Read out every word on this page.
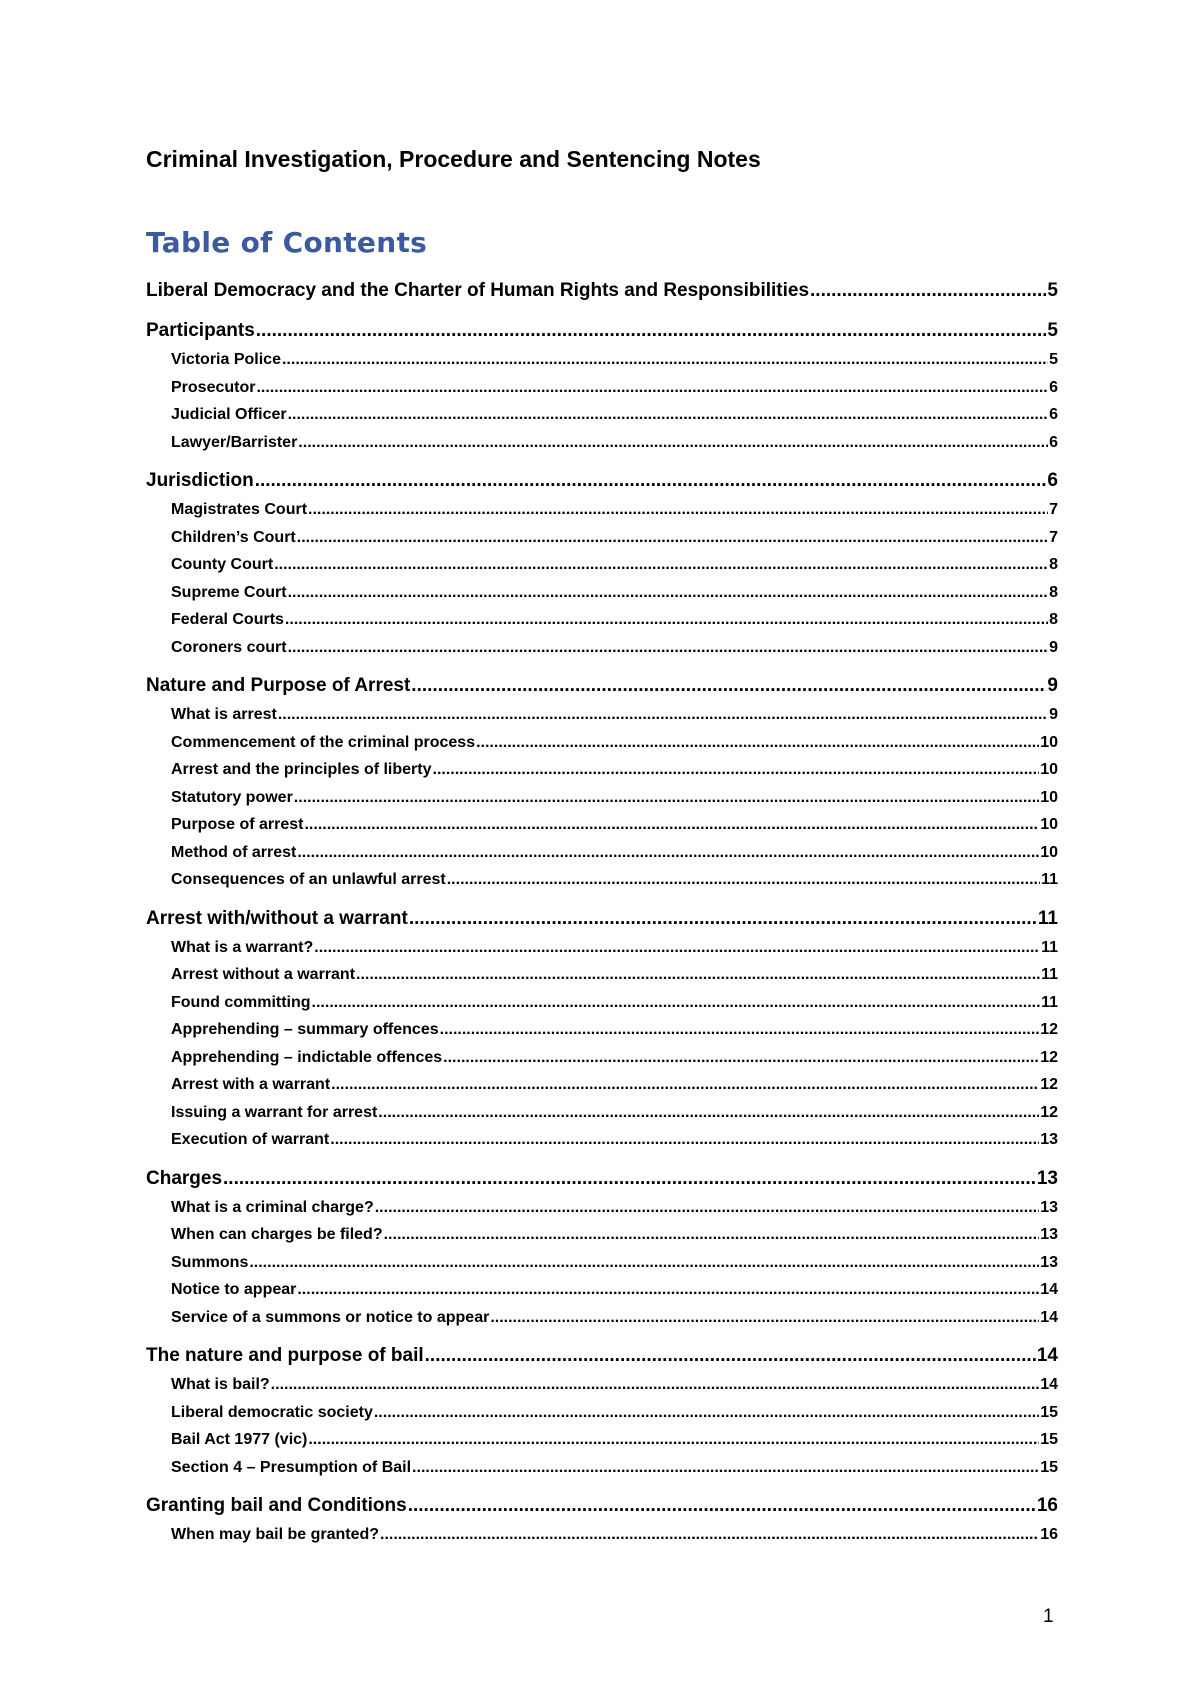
Criminal Investigation, Procedure and Sentencing Notes
Table of Contents
Liberal Democracy and the Charter of Human Rights and Responsibilities .....	5
Participants .....	5
Victoria Police .....	5
Prosecutor .....	6
Judicial Officer .....	6
Lawyer/Barrister .....	6
Jurisdiction .....	6
Magistrates Court .....	7
Children’s Court .....	7
County Court .....	8
Supreme Court .....	8
Federal Courts .....	8
Coroners court .....	9
Nature and Purpose of Arrest .....	9
What is arrest .....	9
Commencement of the criminal process .....	10
Arrest and the principles of liberty .....	10
Statutory power .....	10
Purpose of arrest .....	10
Method of arrest .....	10
Consequences of an unlawful arrest .....	11
Arrest with/without a warrant .....	11
What is a warrant? .....	11
Arrest without a warrant .....	11
Found committing .....	11
Apprehending – summary offences .....	12
Apprehending – indictable offences .....	12
Arrest with a warrant .....	12
Issuing a warrant for arrest .....	12
Execution of warrant .....	13
Charges .....	13
What is a criminal charge? .....	13
When can charges be filed? .....	13
Summons .....	13
Notice to appear .....	14
Service of a summons or notice to appear .....	14
The nature and purpose of bail .....	14
What is bail? .....	14
Liberal democratic society .....	15
Bail Act 1977 (vic) .....	15
Section 4 – Presumption of Bail .....	15
Granting bail and Conditions .....	16
When may bail be granted? .....	16
1
